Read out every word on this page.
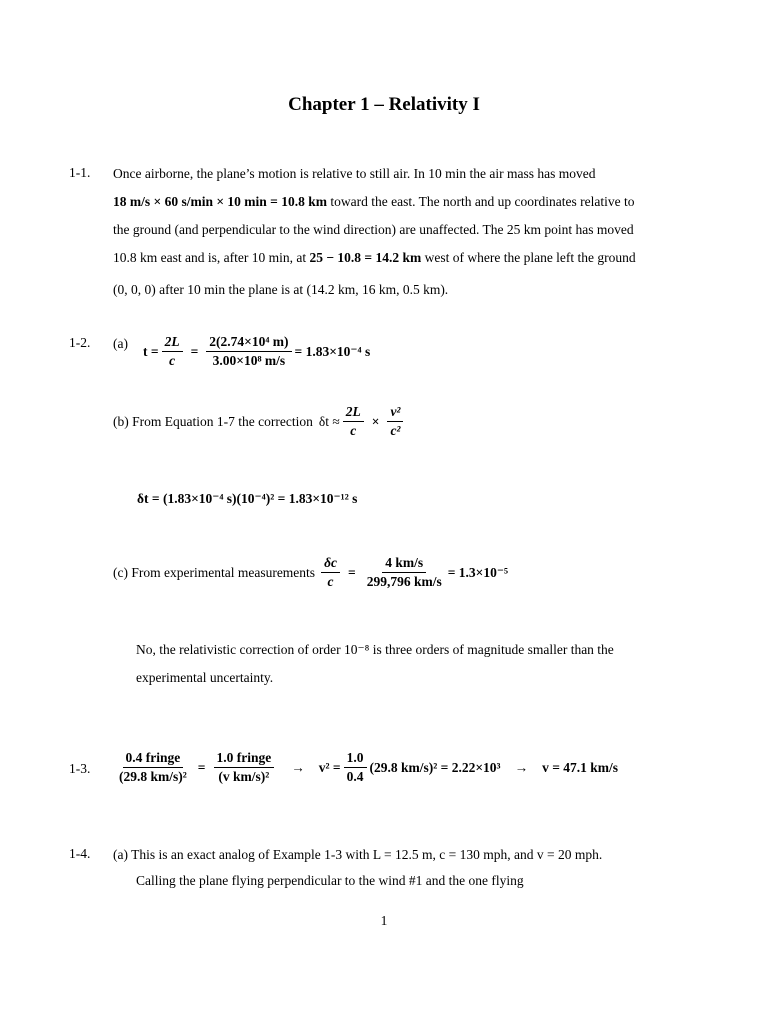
Chapter 1 – Relativity I
1-1. Once airborne, the plane’s motion is relative to still air. In 10 min the air mass has moved
18 m/s × 60 s/min × 10 min = 10.8 km toward the east. The north and up coordinates relative to
the ground (and perpendicular to the wind direction) are unaffected. The 25 km point has moved
10.8 km east and is, after 10 min, at 25 − 10.8 = 14.2 km west of where the plane left the ground
(0, 0, 0) after 10 min the plane is at (14.2 km, 16 km, 0.5 km).
1-2. (a) $t = \frac{2L}{c} = \frac{\text{2(2.74×10⁴ m)}}{\text{3.00×10⁸ m/s}} = 1.83\times 10^{-4}$ s
(b) From Equation 1-7 the correction $\delta t \approx \frac{2L}{c} \times \frac{\text{v²}}{\text{c²}}$
δt = (1.83×10⁻⁴ s)(10⁻⁴)² = 1.83×10⁻¹² s
(c) From experimental measurements $\frac{\delta c}{c} = \frac{4 km/s}{299,796 km/s} = 1.3\times 10^{-5}$
No, the relativistic correction of order 10⁻⁸ is three orders of magnitude smaller than the
experimental uncertainty.
1-3. $\frac{\text{0.4 fringe}}{\text{(29.8 km/s)²}} = \frac{\text{1.0 fringe}}{\text{(v km/s)²}} \to v^2 = \frac{1.0}{0.4} (29.8$ km/s)² = 2.22×10³ → v = 47.1 km/s
1-4. (a) This is an exact analog of Example 1-3 with L = 12.5 m, c = 130 mph, and v = 20 mph.
Calling the plane flying perpendicular to the wind #1 and the one flying
1
